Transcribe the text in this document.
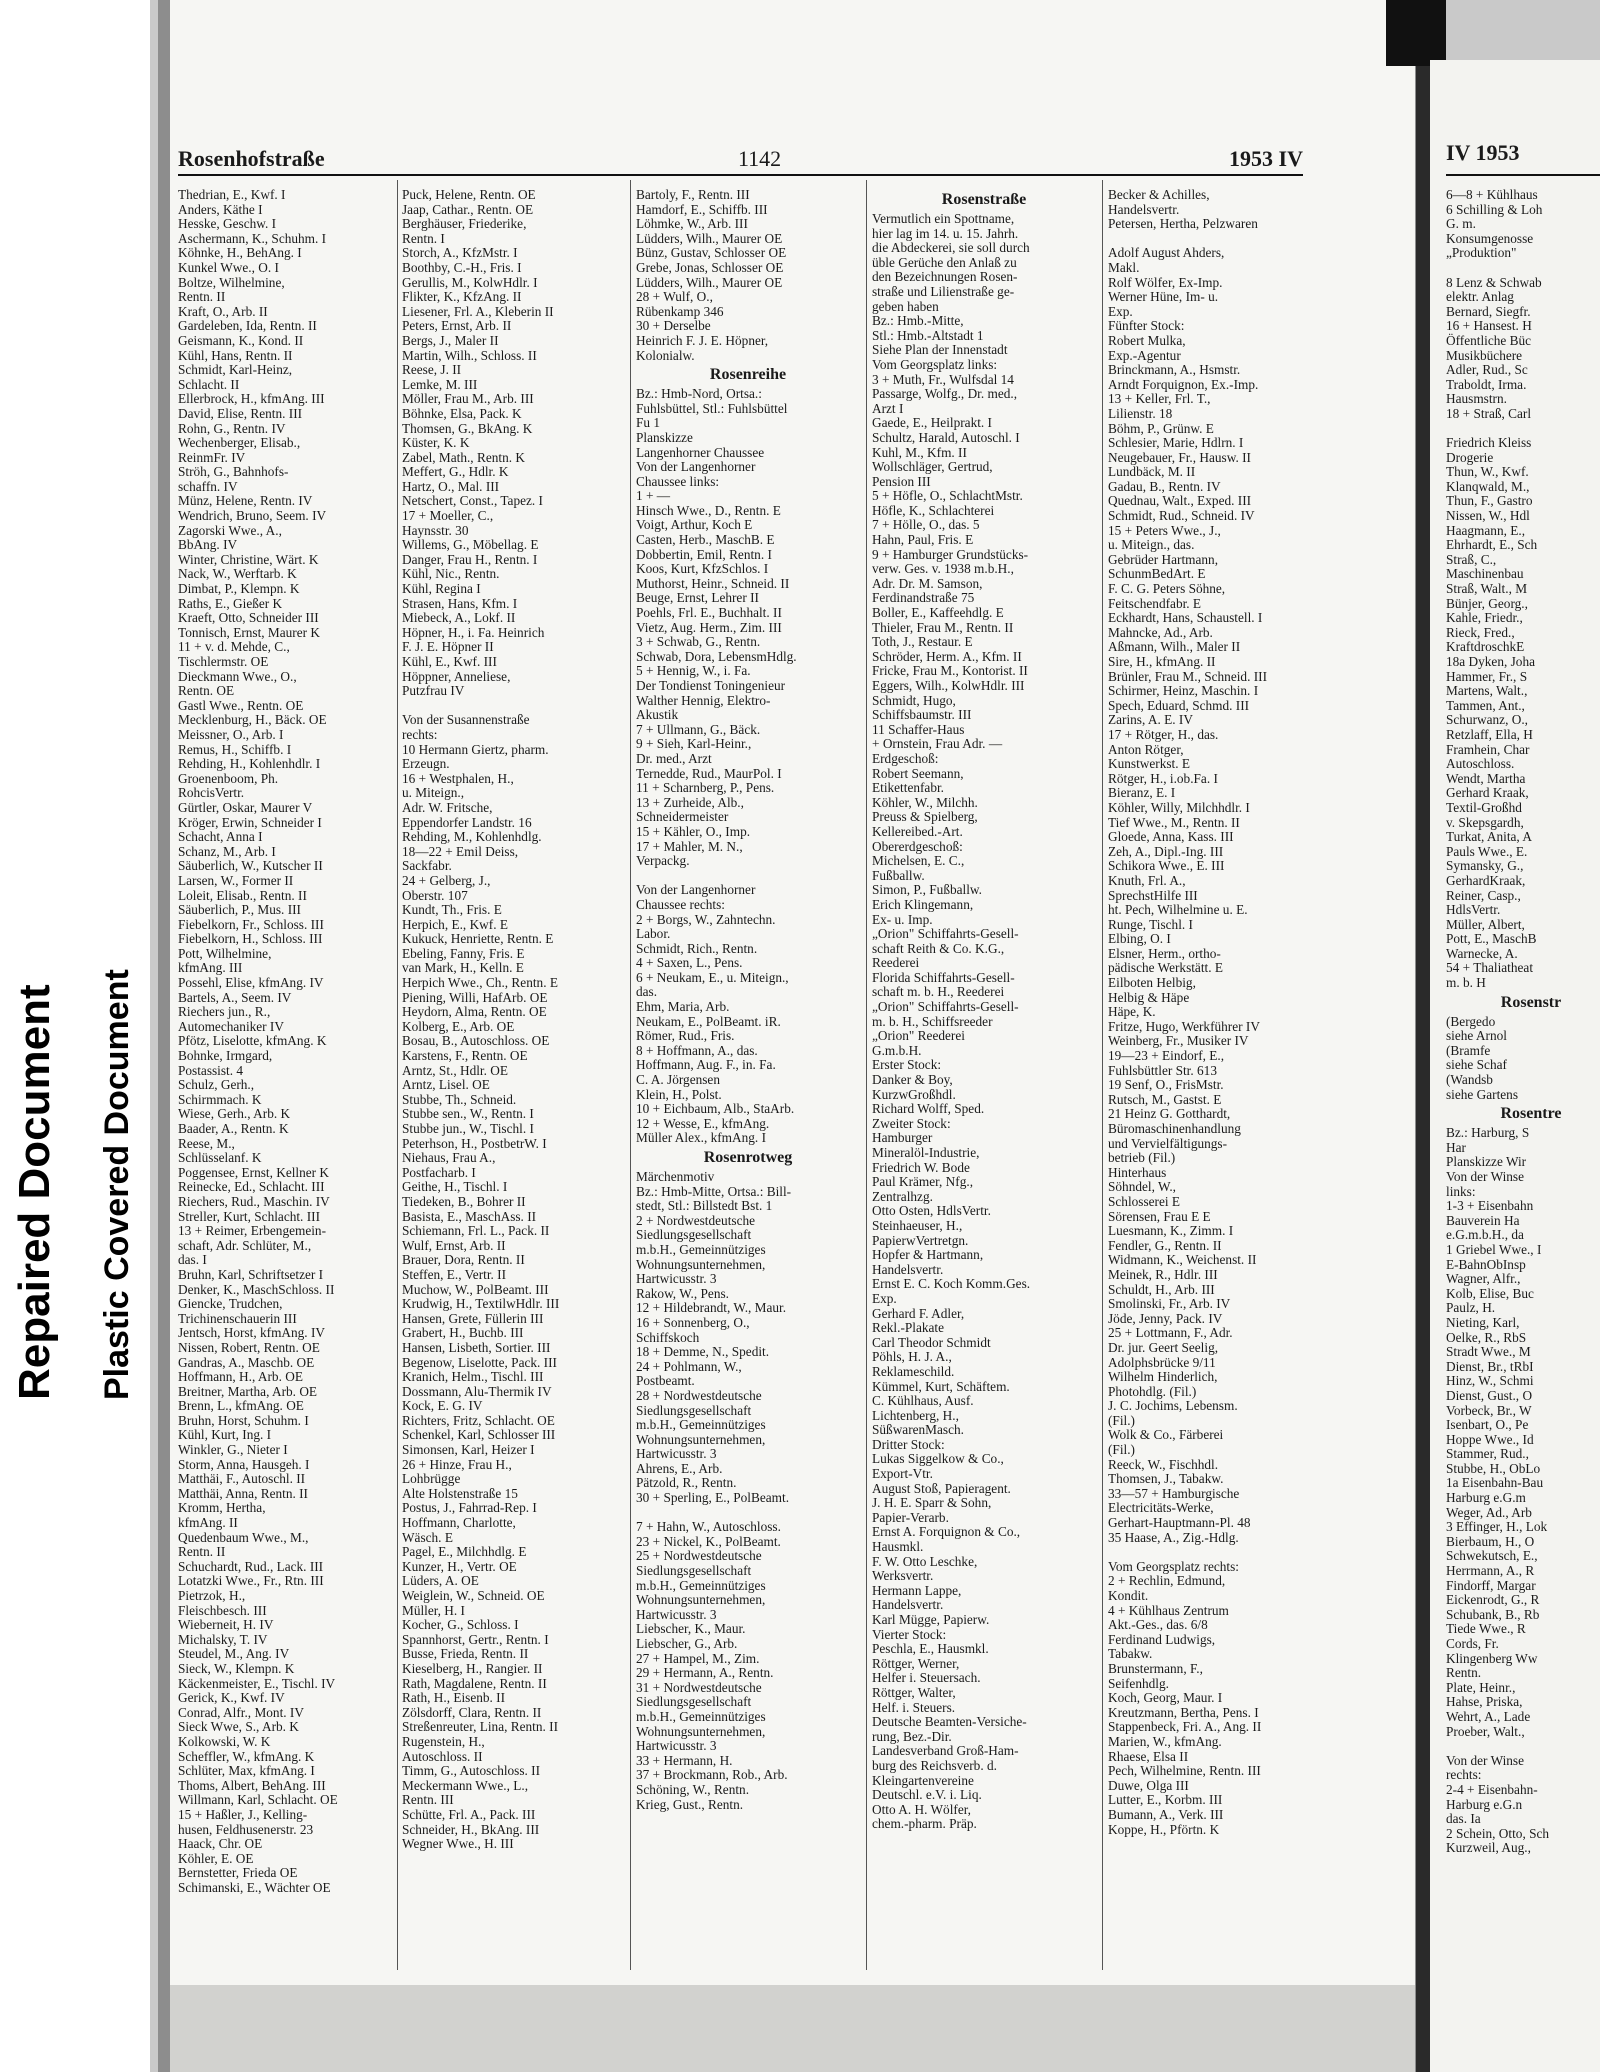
Repaired Document Plastic Covered Document
Rosenhofstraße	1142	1953 IV
Thedrian, E., Kwf. I
Anders, Käthe I
Hesske, Geschw. I
Aschermann, K., Schuhm. I
Köhnke, H., BehAng. I
Kunkel Wwe., O. I
Boltze, Wilhelmine,
Rentn. II
Kraft, O., Arb. II
Gardeleben, Ida, Rentn. II
Geismann, K., Kond. II
Kühl, Hans, Rentn. II
Schmidt, Karl-Heinz,
Schlacht. II
Ellerbrock, H., kfmAng. III
David, Elise, Rentn. III
Rohn, G., Rentn. IV
Wechenberger, Elisab.,
ReinmFr. IV
Ströh, G., Bahnhofs-
schaffn. IV
Münz, Helene, Rentn. IV
Wendrich, Bruno, Seem. IV
Zagorski Wwe., A.,
BbAng. IV
Winter, Christine, Wärt. K
Nack, W., Werftarb. K
Dimbat, P., Klempn. K
Raths, E., Gießer K
Kraeft, Otto, Schneider III
Tonnisch, Ernst, Maurer K
11 + v. d. Mehde, C.,
Tischlermstr. OE
Dieckmann Wwe., O.,
Rentn. OE
Gastl Wwe., Rentn. OE
Mecklenburg, H., Bäck. OE
Meissner, O., Arb. I
Remus, H., Schiffb. I
Rehding, H., Kohlenhdlr. I
Groenenboom, Ph.
RohcisVertr.
Gürtler, Oskar, Maurer V
Kröger, Erwin, Schneider I
Schacht, Anna I
Schanz, M., Arb. I
Säuberlich, W., Kutscher II
Larsen, W., Former II
Loleit, Elisab., Rentn. II
Säuberlich, P., Mus. III
Fiebelkorn, Fr., Schloss. III
Fiebelkorn, H., Schloss. III
Pott, Wilhelmine,
kfmAng. III
Possehl, Elise, kfmAng. IV
Bartels, A., Seem. IV
Riechers jun., R.,
Automechaniker IV
Pfötz, Liselotte, kfmAng. K
Bohnke, Irmgard,
Postassist. 4
Schulz, Gerh.,
Schirmmach. K
Wiese, Gerh., Arb. K
Baader, A., Rentn. K
Reese, M.,
Schlüsselanf. K
Poggensee, Ernst, Kellner K
Reinecke, Ed., Schlacht. III
Riechers, Rud., Maschin. IV
Streller, Kurt, Schlacht. III
13 + Reimer, Erbengemein-
schaft, Adr. Schlüter, M.,
das. I
Bruhn, Karl, Schriftsetzer I
Denker, K., MaschSchloss. II
Giencke, Trudchen,
Trichinenschauerin III
Jentsch, Horst, kfmAng. IV
Nissen, Robert, Rentn. OE
Gandras, A., Maschb. OE
Hoffmann, H., Arb. OE
Breitner, Martha, Arb. OE
Brenn, L., kfmAng. OE
Bruhn, Horst, Schuhm. I
Kühl, Kurt, Ing. I
Winkler, G., Nieter I
Storm, Anna, Hausgeh. I
Matthäi, F., Autoschl. II
Matthäi, Anna, Rentn. II
Kromm, Hertha,
kfmAng. II
Quedenbaum Wwe., M.,
Rentn. II
Schuchardt, Rud., Lack. III
Lotatzki Wwe., Fr., Rtn. III
Pietrzok, H.,
Fleischbesch. III
Wieberneit, H. IV
Michalsky, T. IV
Steudel, M., Ang. IV
Sieck, W., Klempn. K
Käckenmeister, E., Tischl. IV
Gerick, K., Kwf. IV
Conrad, Alfr., Mont. IV
Sieck Wwe, S., Arb. K
Kolkowski, W. K
Scheffler, W., kfmAng. K
Schlüter, Max, kfmAng. I
Thoms, Albert, BehAng. III
Willmann, Karl, Schlacht. OE
15 + Haßler, J., Kelling-
husen, Feldhusenerstr. 23
Haack, Chr. OE
Köhler, E. OE
Bernstetter, Frieda OE
Schimanski, E., Wächter OE
Puck, Helene, Rentn. OE
Jaap, Cathar., Rentn. OE
Berghäuser, Friederike,
Rentn. I
Storch, A., KfzMstr. I
Boothby, C.-H., Fris. I
Gerullis, M., KolwHdlr. I
Flikter, K., KfzAng. II
Liesener, Frl. A., Kleberin II
Peters, Ernst, Arb. II
Bergs, J., Maler II
Martin, Wilh., Schloss. II
Reese, J. II
Lemke, M. III
Möller, Frau M., Arb. III
Böhnke, Elsa, Pack. K
Thomsen, G., BkAng. K
Küster, K. K
Zabel, Math., Rentn. K
Meffert, G., Hdlr. K
Hartz, O., Mal. III
Netschert, Const., Tapez. I
17 + Moeller, C.,
Haynsstr. 30
Willems, G., Möbellag. E
Danger, Frau H., Rentn. I
Kühl, Nic., Rentn.
Kühl, Regina I
Strasen, Hans, Kfm. I
Miebeck, A., Lokf. II
Höpner, H., i. Fa. Heinrich
F. J. E. Höpner II
Kühl, E., Kwf. III
Höppner, Anneliese,
Putzfrau IV

Von der Susannenstraße
rechts:
10 Hermann Giertz, pharm.
Erzeugn.
16 + Westphalen, H.,
u. Miteign.,
Adr. W. Fritsche,
Eppendorfer Landstr. 16
Rehding, M., Kohlenhdlg.
18—22 + Emil Deiss,
Sackfabr.
24 + Gelberg, J.,
Oberstr. 107
Kundt, Th., Fris. E
Herpich, E., Kwf. E
Kukuck, Henriette, Rentn. E
Ebeling, Fanny, Fris. E
van Mark, H., Kelln. E
Herpich Wwe., Ch., Rentn. E
Piening, Willi, HafArb. OE
Heydorn, Alma, Rentn. OE
Kolberg, E., Arb. OE
Bosau, B., Autoschloss. OE
Karstens, F., Rentn. OE
Arntz, St., Hdlr. OE
Arntz, Lisel. OE
Stubbe, Th., Schneid.
Stubbe sen., W., Rentn. I
Stubbe jun., W., Tischl. I
Peterhson, H., PostbetrW. I
Niehaus, Frau A.,
Postfacharb. I
Geithe, H., Tischl. I
Tiedeken, B., Bohrer II
Basista, E., MaschAss. II
Schiemann, Frl. L., Pack. II
Wulf, Ernst, Arb. II
Brauer, Dora, Rentn. II
Steffen, E., Vertr. II
Muchow, W., PolBeamt. III
Krudwig, H., TextilwHdlr. III
Hansen, Grete, Füllerin III
Grabert, H., Buchb. III
Hansen, Lisbeth, Sortier. III
Begenow, Liselotte, Pack. III
Kranich, Helm., Tischl. III
Dossmann, Alu-Thermik IV
Kock, E. G. IV
Richters, Fritz, Schlacht. OE
Schenkel, Karl, Schlosser III
Simonsen, Karl, Heizer I
26 + Hinze, Frau H.,
Lohbrügge
Alte Holstenstraße 15
Postus, J., Fahrrad-Rep. I
Hoffmann, Charlotte,
Wäsch. E
Pagel, E., Milchhdlg. E
Kunzer, H., Vertr. OE
Lüders, A. OE
Weiglein, W., Schneid. OE
Müller, H. I
Kocher, G., Schloss. I
Spannhorst, Gertr., Rentn. I
Busse, Frieda, Rentn. II
Kieselberg, H., Rangier. II
Rath, Magdalene, Rentn. II
Rath, H., Eisenb. II
Zölsdorff, Clara, Rentn. II
Streßenreuter, Lina, Rentn. II
Rugenstein, H.,
Autoschloss. II
Timm, G., Autoschloss. II
Meckermann Wwe., L.,
Rentn. III
Schütte, Frl. A., Pack. III
Schneider, H., BkAng. III
Wegner Wwe., H. III
Bartoly, F., Rentn. III
Hamdorf, E., Schiffb. III
Löhmke, W., Arb. III
Lüdders, Wilh., Maurer OE
Bünz, Gustav, Schlosser OE
Grebe, Jonas, Schlosser OE
Lüdders, Wilh., Maurer OE
28 + Wulf, O.,
Rübenkamp 346
30 + Derselbe
Heinrich F. J. E. Höpner,
Kolonialw.
Rosenreihe
Bz.: Hmb-Nord, Ortsa.:
Fuhlsbüttel, Stl.: Fuhlsbüttel
Fu 1
Planskizze
Langenhorner Chaussee
Von der Langenhorner
Chaussee links:
1 + —
Hinsch Wwe., D., Rentn. E
Voigt, Arthur, Koch E
Casten, Herb., MaschB. E
Dobbertin, Emil, Rentn. I
Koos, Kurt, KfzSchlos. I
Muthorst, Heinr., Schneid. II
Beuge, Ernst, Lehrer II
Poehls, Frl. E., Buchhalt. II
Vietz, Aug. Herm., Zim. III
3 + Schwab, G., Rentn.
Schwab, Dora, LebensmHdlg.
5 + Hennig, W., i. Fa.
Der Tondienst Toningenieur
Walther Hennig, Elektro-
Akustik
7 + Ullmann, G., Bäck.
9 + Sieh, Karl-Heinr.,
Dr. med., Arzt
Ternedde, Rud., MaurPol. I
11 + Scharnberg, P., Pens.
13 + Zurheide, Alb.,
Schneidermeister
15 + Kähler, O., Imp.
17 + Mahler, M. N.,
Verpackg.

Von der Langenhorner
Chaussee rechts:
2 + Borgs, W., Zahntechn.
Labor.
Schmidt, Rich., Rentn.
4 + Saxen, L., Pens.
6 + Neukam, E., u. Miteign.,
das.
Ehm, Maria, Arb.
Neukam, E., PolBeamt. iR.
Römer, Rud., Fris.
8 + Hoffmann, A., das.
Hoffmann, Aug. F., in. Fa.
C. A. Jörgensen
Klein, H., Polst.
10 + Eichbaum, Alb., StaArb.
12 + Wesse, E., kfmAng.
Müller Alex., kfmAng. I
Rosenrotweg
Märchenmotiv
Bz.: Hmb-Mitte, Ortsa.: Bill-
stedt, Stl.: Billstedt Bst. 1
2 + Nordwestdeutsche
Siedlungsgesellschaft
m.b.H., Gemeinnütziges
Wohnungsunternehmen,
Hartwicusstr. 3
Rakow, W., Pens.
12 + Hildebrandt, W., Maur.
16 + Sonnenberg, O.,
Schiffskoch
18 + Demme, N., Spedit.
24 + Pohlmann, W.,
Postbeamt.
28 + Nordwestdeutsche
Siedlungsgesellschaft
m.b.H., Gemeinnütziges
Wohnungsunternehmen,
Hartwicusstr. 3
Ahrens, E., Arb.
Pätzold, R., Rentn.
30 + Sperling, E., PolBeamt.

7 + Hahn, W., Autoschloss.
23 + Nickel, K., PolBeamt.
25 + Nordwestdeutsche
Siedlungsgesellschaft
m.b.H., Gemeinnütziges
Wohnungsunternehmen,
Hartwicusstr. 3
Liebscher, K., Maur.
Liebscher, G., Arb.
27 + Hampel, M., Zim.
29 + Hermann, A., Rentn.
31 + Nordwestdeutsche
Siedlungsgesellschaft
m.b.H., Gemeinnütziges
Wohnungsunternehmen,
Hartwicusstr. 3
33 + Hermann, H.
37 + Brockmann, Rob., Arb.
Schöning, W., Rentn.
Krieg, Gust., Rentn.
Rosenstraße
Vermutlich ein Spottname,
hier lag im 14. u. 15. Jahrh.
die Abdeckerei, sie soll durch
üble Gerüche den Anlaß zu
den Bezeichnungen Rosen-
straße und Lilienstraße ge-
geben haben
Bz.: Hmb.-Mitte,
Stl.: Hmb.-Altstadt 1
Siehe Plan der Innenstadt
Vom Georgsplatz links:
3 + Muth, Fr., Wulfsdal 14
Passarge, Wolfg., Dr. med.,
Arzt I
Gaede, E., Heilprakt. I
Schultz, Harald, Autoschl. I
Kuhl, M., Kfm. II
Wollschläger, Gertrud,
Pension III
5 + Höfle, O., SchlachtMstr.
Höfle, K., Schlachterei
7 + Hölle, O., das. 5
Hahn, Paul, Fris. E
9 + Hamburger Grundstücks-
verw. Ges. v. 1938 m.b.H.,
Adr. Dr. M. Samson,
Ferdinandstraße 75
Boller, E., Kaffeehdlg. E
Thieler, Frau M., Rentn. II
Toth, J., Restaur. E
Schröder, Herm. A., Kfm. II
Fricke, Frau M., Kontorist. II
Eggers, Wilh., KolwHdlr. III
Schmidt, Hugo,
Schiffsbaumstr. III
11 Schaffer-Haus
+ Ornstein, Frau Adr. —
Erdgeschoß:
Robert Seemann,
Etikettenfabr.
Köhler, W., Milchh.
Preuss & Spielberg,
Kellereibed.-Art.
Obererdgeschoß:
Michelsen, E. C.,
Fußballw.
Simon, P., Fußballw.
Erich Klingemann,
Ex- u. Imp.
„Orion" Schiffahrts-Gesell-
schaft Reith & Co. K.G.,
Reederei
Florida Schiffahrts-Gesell-
schaft m. b. H., Reederei
„Orion" Schiffahrts-Gesell-
m. b. H., Schiffsreeder
„Orion" Reederei
G.m.b.H.
Erster Stock:
Danker & Boy,
KurzwGroßhdl.
Richard Wolff, Sped.
Zweiter Stock:
Hamburger
Mineralöl-Industrie,
Friedrich W. Bode
Paul Krämer, Nfg.,
Zentralhzg.
Otto Osten, HdlsVertr.
Steinhaeuser, H.,
PapierwVertretgn.
Hopfer & Hartmann,
Handelsvertr.
Ernst E. C. Koch Komm.Ges.
Exp.
Gerhard F. Adler,
Rekl.-Plakate
Carl Theodor Schmidt
Pöhls, H. J. A.,
Reklameschild.
Kümmel, Kurt, Schäftem.
C. Kühlhaus, Ausf.
Lichtenberg, H.,
SüßwarenMasch.
Dritter Stock:
Lukas Siggelkow & Co.,
Export-Vtr.
August Stoß, Papieragent.
J. H. E. Sparr & Sohn,
Papier-Verarb.
Ernst A. Forquignon & Co.,
Hausmkl.
F. W. Otto Leschke,
Werksvertr.
Hermann Lappe,
Handelsvertr.
Karl Mügge, Papierw.
Vierter Stock:
Peschla, E., Hausmkl.
Röttger, Werner,
Helfer i. Steuersach.
Röttger, Walter,
Helf. i. Steuers.
Deutsche Beamten-Versiche-
rung, Bez.-Dir.
Landesverband Groß-Ham-
burg des Reichsverb. d.
Kleingartenvereine
Deutschl. e.V. i. Liq.
Otto A. H. Wölfer,
chem.-pharm. Präp.
Becker & Achilles,
Handelsvertr.
Petersen, Hertha, Pelzwaren

Adolf August Ahders,
Makl.
Rolf Wölfer, Ex-Imp.
Werner Hüne, Im- u.
Exp.
Fünfter Stock:
Robert Mulka,
Exp.-Agentur
Brinckmann, A., Hsmstr.
Arndt Forquignon, Ex.-Imp.
13 + Keller, Frl. T.,
Lilienstr. 18
Böhm, P., Grünw. E
Schlesier, Marie, Hdlrn. I
Neugebauer, Fr., Hausw. II
Lundbäck, M. II
Gadau, B., Rentn. IV
Quednau, Walt., Exped. III
Schmidt, Rud., Schneid. IV
15 + Peters Wwe., J.,
u. Miteign., das.
Gebrüder Hartmann,
SchunmBedArt. E
F. C. G. Peters Söhne,
Feitschendfabr. E
Eckhardt, Hans, Schaustell. I
Mahncke, Ad., Arb.
Aßmann, Wilh., Maler II
Sire, H., kfmAng. II
Brünler, Frau M., Schneid. III
Schirmer, Heinz, Maschin. I
Spech, Eduard, Schmd. III
Zarins, A. E. IV
17 + Rötger, H., das.
Anton Rötger,
Kunstwerkst. E
Rötger, H., i.ob.Fa. I
Bieranz, E. I
Köhler, Willy, Milchhdlr. I
Tief Wwe., M., Rentn. II
Gloede, Anna, Kass. III
Zeh, A., Dipl.-Ing. III
Schikora Wwe., E. III
Knuth, Frl. A.,
SprechstHilfe III
ht. Pech, Wilhelmine u. E.
Runge, Tischl. I
Elbing, O. I
Elsner, Herm., ortho-
pädische Werkstätt. E
Eilboten Helbig,
Helbig & Häpe
Häpe, K.
Fritze, Hugo, Werkführer IV
Weinberg, Fr., Musiker IV
19—23 + Eindorf, E.,
Fuhlsbüttler Str. 613
19 Senf, O., FrisMstr.
Rutsch, M., Gastst. E
21 Heinz G. Gotthardt,
Büromaschinenhandlung
und Vervielfältigungs-
betrieb (Fil.)
Hinterhaus
Söhndel, W.,
Schlosserei E
Sörensen, Frau E E
Luesmann, K., Zimm. I
Fendler, G., Rentn. II
Widmann, K., Weichenst. II
Meinek, R., Hdlr. III
Schuldt, H., Arb. III
Smolinski, Fr., Arb. IV
Jöde, Jenny, Pack. IV
25 + Lottmann, F., Adr.
Dr. jur. Geert Seelig,
Adolphsbrücke 9/11
Wilhelm Hinderlich,
Photohdlg. (Fil.)
J. C. Jochims, Lebensm.
(Fil.)
Wolk & Co., Färberei
(Fil.)
Reeck, W., Fischhdl.
Thomsen, J., Tabakw.
33—57 + Hamburgische
Electricitäts-Werke,
Gerhart-Hauptmann-Pl. 48
35 Haase, A., Zig.-Hdlg.

Vom Georgsplatz rechts:
2 + Rechlin, Edmund,
Kondit.
4 + Kühlhaus Zentrum
Akt.-Ges., das. 6/8
Ferdinand Ludwigs,
Tabakw.
Brunstermann, F.,
Seifenhdlg.
Koch, Georg, Maur. I
Kreutzmann, Bertha, Pens. I
Stappenbeck, Fri. A., Ang. II
Marien, W., kfmAng.
Rhaese, Elsa II
Pech, Wilhelmine, Rentn. III
Duwe, Olga III
Lutter, E., Korbm. III
Bumann, A., Verk. III
Koppe, H., Pförtn. K
IV 1953
6—8 + Kühlhaus
6 Schilling & Loh
G. m.
Konsumgenosse
„Produktion"

8 Lenz & Schwab
elektr. Anlag
Bernard, Siegfr.
16 + Hansest. H
Öffentliche Büc
Musikbüchere
Adler, Rud., Sc
Traboldt, Irma.
Hausmstrn.
18 + Straß, Carl

Friedrich Kleiss
Drogerie
Thun, W., Kwf.
Klanqwald, M.,
Thun, F., Gastro
Nissen, W., Hdl
Haagmann, E.,
Ehrhardt, E., Sch
Straß, C.,
Maschinenbau
Straß, Walt., M
Bünjer, Georg.,
Kahle, Friedr.,
Rieck, Fred.,
KraftdroschkE
18a Dyken, Joha
Hammer, Fr., S
Martens, Walt.,
Tammen, Ant.,
Schurwanz, O.,
Retzlaff, Ella, H
Framhein, Char
Autoschloss.
Wendt, Martha
Gerhard Kraak,
Textil-Großhd
v. Skepsgardh,
Turkat, Anita, A
Pauls Wwe., E.
Symansky, G.,
GerhardKraak,
Reiner, Casp.,
HdlsVertr.
Müller, Albert,
Pott, E., MaschB
Warnecke, A.
54 + Thaliatheat
m. b. H
Rosenstr
(Bergedo
siehe Arnol
(Bramfe
siehe Schaf
(Wandsb
siehe Gartens
Rosentre
Bz.: Harburg, S
Har
Planskizze Wir
Von der Winse
links:
1-3 + Eisenbahn
Bauverein Ha
e.G.m.b.H., da
1 Griebel Wwe., I
E-BahnObInsp
Wagner, Alfr.,
Kolb, Elise, Buc
Paulz, H.
Nieting, Karl,
Oelke, R., RbS
Stradt Wwe., M
Dienst, Br., tRbI
Hinz, W., Schmi
Dienst, Gust., O
Vorbeck, Br., W
Isenbart, O., Pe
Hoppe Wwe., Id
Stammer, Rud.,
Stubbe, H., ObLo
1a Eisenbahn-Bau
Harburg e.G.m
Weger, Ad., Arb
3 Effinger, H., Lok
Bierbaum, H., O
Schwekutsch, E.,
Herrmann, A., R
Findorff, Margar
Eickenrodt, G., R
Schubank, B., Rb
Tiede Wwe., R
Cords, Fr.
Klingenberg Ww
Rentn.
Plate, Heinr.,
Hahse, Priska,
Wehrt, A., Lade
Proeber, Walt.,

Von der Winse
rechts:
2-4 + Eisenbahn-
Harburg e.G.n
das. Ia
2 Schein, Otto, Sch
Kurzweil, Aug.,
